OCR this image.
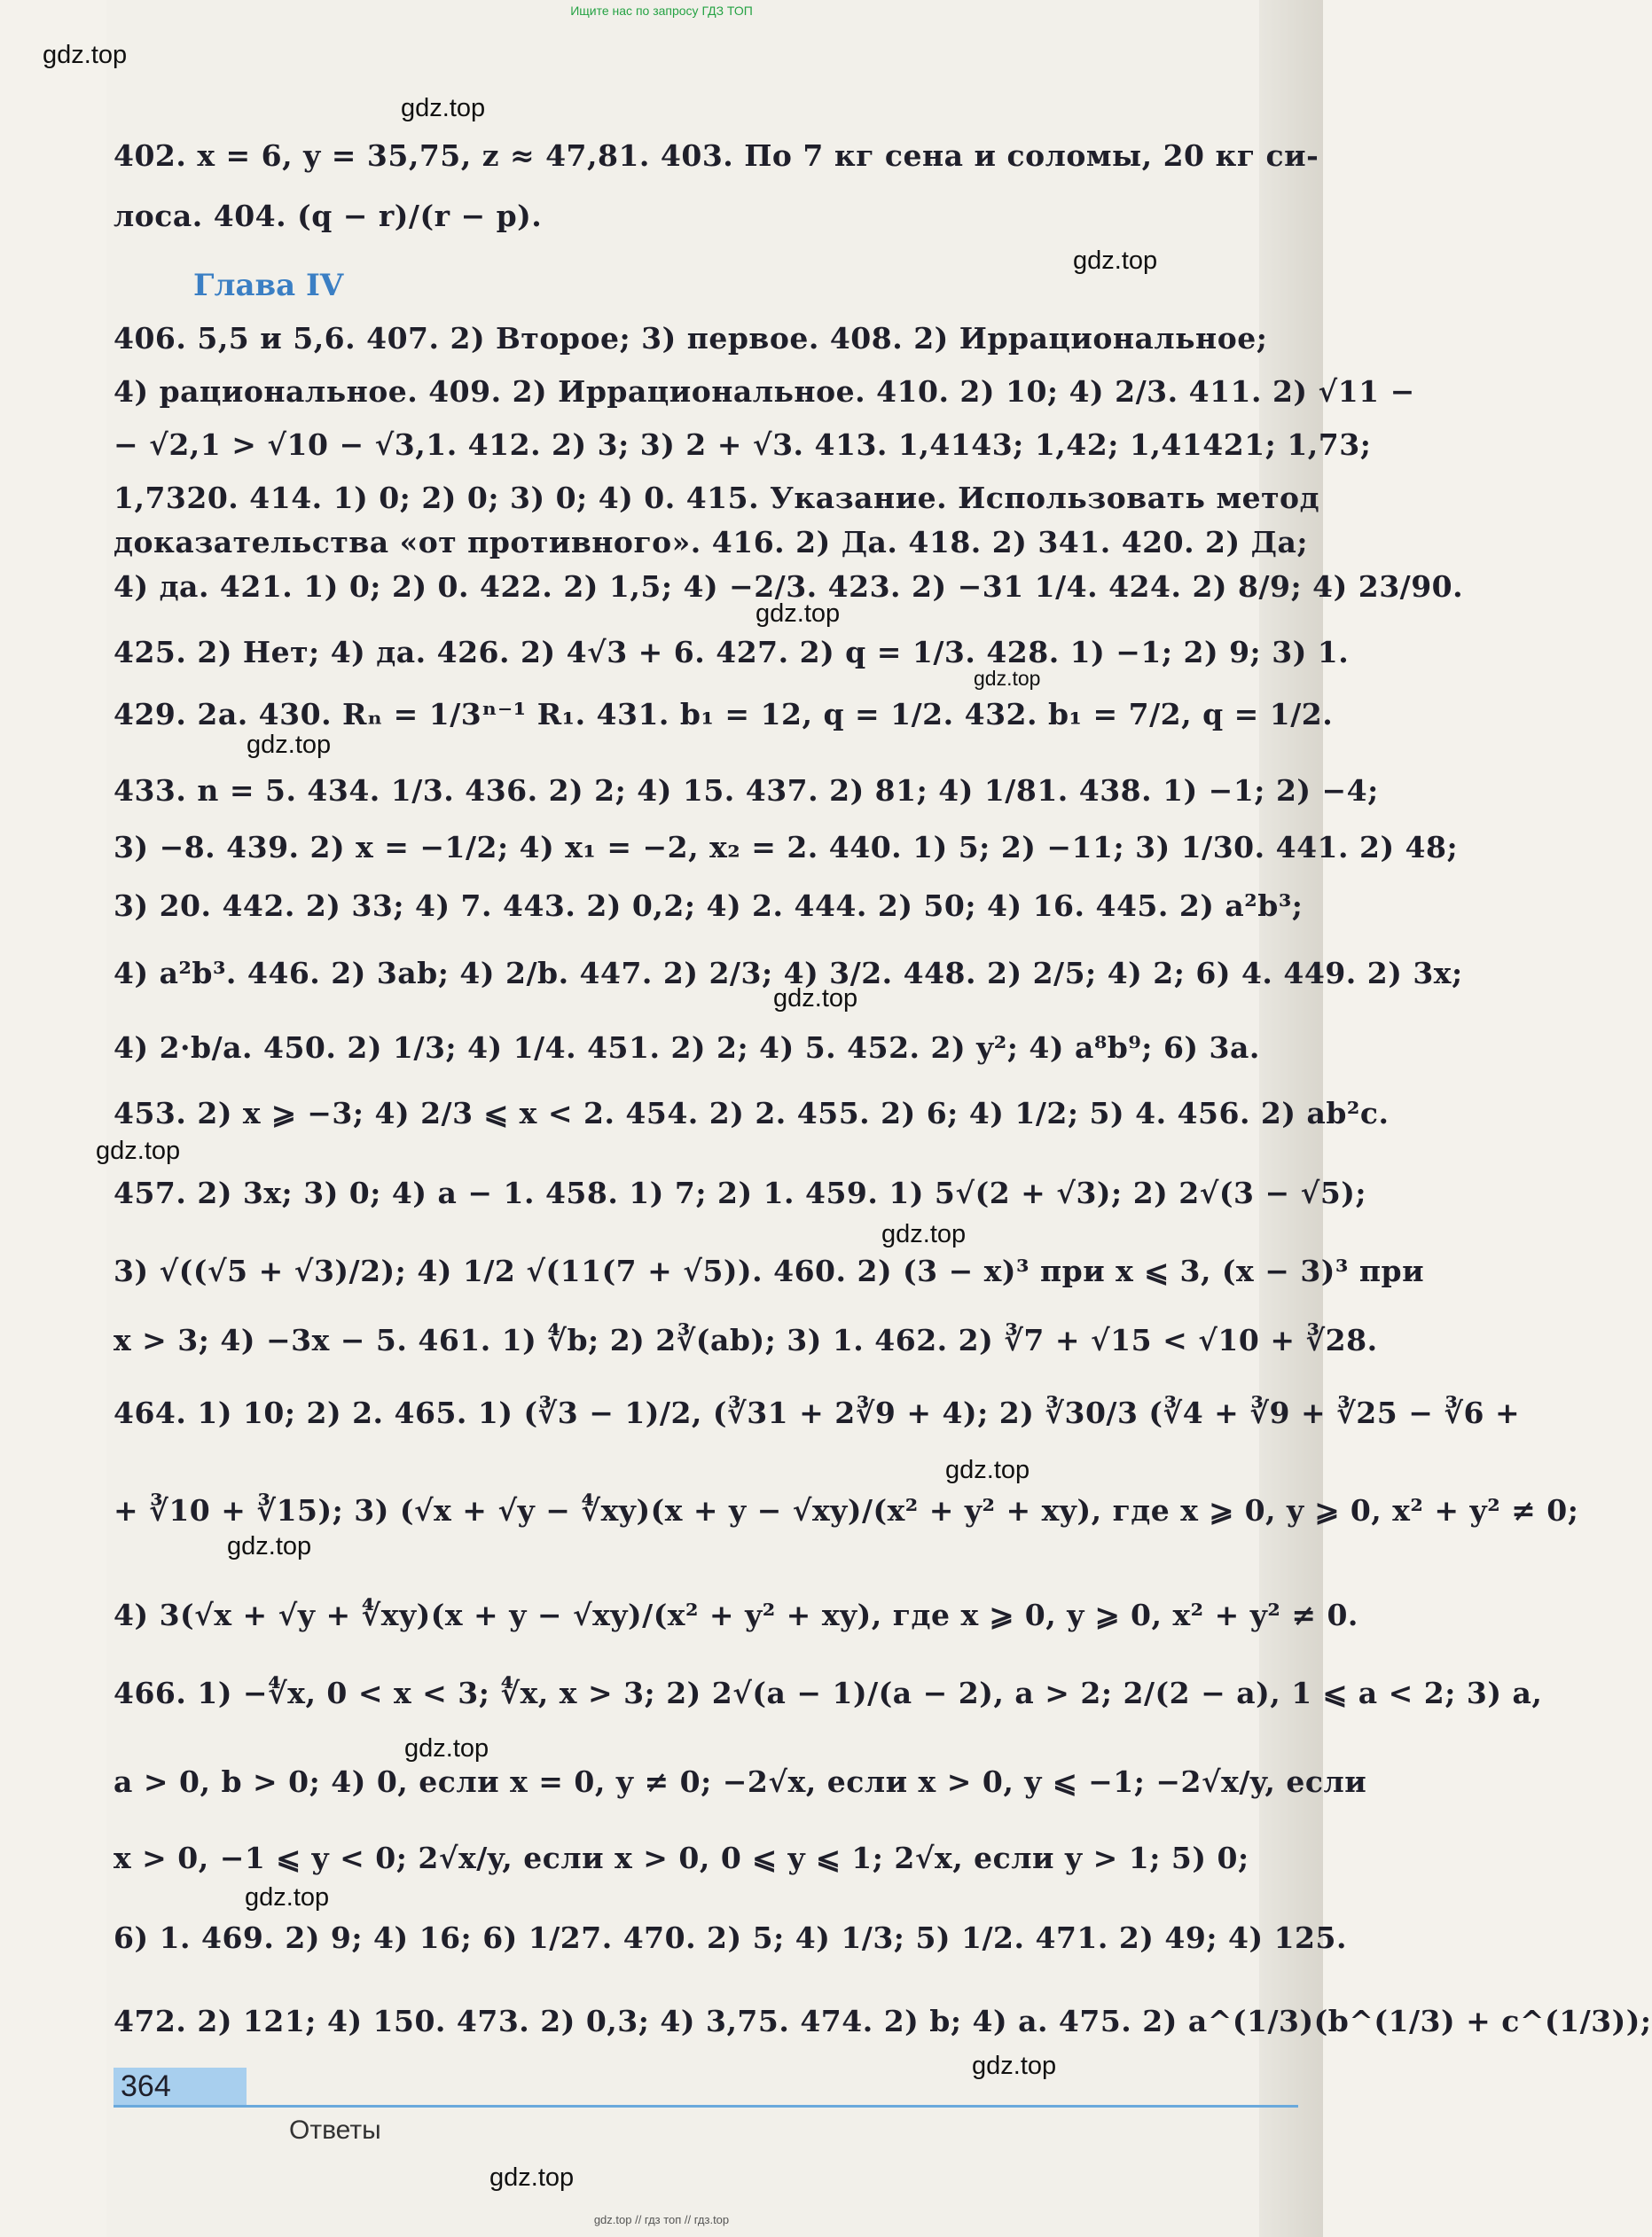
Ищите нас по запросу ГДЗ ТОП
gdz.top
gdz.top
402. x = 6, y = 35,75, z ≈ 47,81. 403. По 7 кг сена и соломы, 20 кг си-
лоса. 404. (q − r)/(r − p).
gdz.top
Глава IV
406. 5,5 и 5,6. 407. 2) Второе; 3) первое. 408. 2) Иррациональное;
4) рациональное. 409. 2) Иррациональное. 410. 2) 10; 4) 2/3. 411. 2) √11 −
− √2,1 > √10 − √3,1. 412. 2) 3; 3) 2 + √3. 413. 1,4143; 1,42; 1,41421; 1,73;
1,7320. 414. 1) 0; 2) 0; 3) 0; 4) 0. 415. Указание. Использовать метод
доказательства «от противного». 416. 2) Да. 418. 2) 341. 420. 2) Да;
4) да. 421. 1) 0; 2) 0. 422. 2) 1,5; 4) −2/3. 423. 2) −31 1/4. 424. 2) 8/9; 4) 23/90.
gdz.top
425. 2) Нет; 4) да. 426. 2) 4√3 + 6. 427. 2) q = 1/3. 428. 1) −1; 2) 9; 3) 1.
gdz.top
429. 2a. 430. Rₙ = 1/3ⁿ⁻¹ R₁. 431. b₁ = 12, q = 1/2. 432. b₁ = 7/2, q = 1/2.
gdz.top
433. n = 5. 434. 1/3. 436. 2) 2; 4) 15. 437. 2) 81; 4) 1/81. 438. 1) −1; 2) −4;
3) −8. 439. 2) x = −1/2; 4) x₁ = −2, x₂ = 2. 440. 1) 5; 2) −11; 3) 1/30. 441. 2) 48;
3) 20. 442. 2) 33; 4) 7. 443. 2) 0,2; 4) 2. 444. 2) 50; 4) 16. 445. 2) a²b³;
4) a²b³. 446. 2) 3ab; 4) 2/b. 447. 2) 2/3; 4) 3/2. 448. 2) 2/5; 4) 2; 6) 4. 449. 2) 3x;
gdz.top
4) 2·b/a. 450. 2) 1/3; 4) 1/4. 451. 2) 2; 4) 5. 452. 2) y²; 4) a⁸b⁹; 6) 3a.
453. 2) x ⩾ −3; 4) 2/3 ⩽ x < 2. 454. 2) 2. 455. 2) 6; 4) 1/2; 5) 4. 456. 2) ab²c.
gdz.top
457. 2) 3x; 3) 0; 4) a − 1. 458. 1) 7; 2) 1. 459. 1) 5√(2 + √3); 2) 2√(3 − √5);
gdz.top
3) √((√5 + √3)/2); 4) 1/2 √(11(7 + √5)). 460. 2) (3 − x)³ при x ⩽ 3, (x − 3)³ при
x > 3; 4) −3x − 5. 461. 1) ∜b; 2) 2∛(ab); 3) 1. 462. 2) ∛7 + √15 < √10 + ∛28.
464. 1) 10; 2) 2. 465. 1) (∛3 − 1)/2, (∛31 + 2∛9 + 4); 2) ∛30/3 (∛4 + ∛9 + ∛25 − ∛6 +
gdz.top
+ ∛10 + ∛15); 3) (√x + √y − ∜xy)(x + y − √xy)/(x² + y² + xy), где x ⩾ 0, y ⩾ 0, x² + y² ≠ 0;
gdz.top
4) 3(√x + √y + ∜xy)(x + y − √xy)/(x² + y² + xy), где x ⩾ 0, y ⩾ 0, x² + y² ≠ 0.
466. 1) −∜x, 0 < x < 3; ∜x, x > 3; 2) 2√(a − 1)/(a − 2), a > 2; 2/(2 − a), 1 ⩽ a < 2; 3) a,
gdz.top
a > 0, b > 0; 4) 0, если x = 0, y ≠ 0; −2√x, если x > 0, y ⩽ −1; −2√x/y, если
x > 0, −1 ⩽ y < 0; 2√x/y, если x > 0, 0 ⩽ y ⩽ 1; 2√x, если y > 1; 5) 0;
gdz.top
6) 1. 469. 2) 9; 4) 16; 6) 1/27. 470. 2) 5; 4) 1/3; 5) 1/2. 471. 2) 49; 4) 125.
472. 2) 121; 4) 150. 473. 2) 0,3; 4) 3,75. 474. 2) b; 4) a. 475. 2) a^(1/3)(b^(1/3) + c^(1/3));
gdz.top
364
Ответы
gdz.top
gdz.top // гдз топ // гдз.top
